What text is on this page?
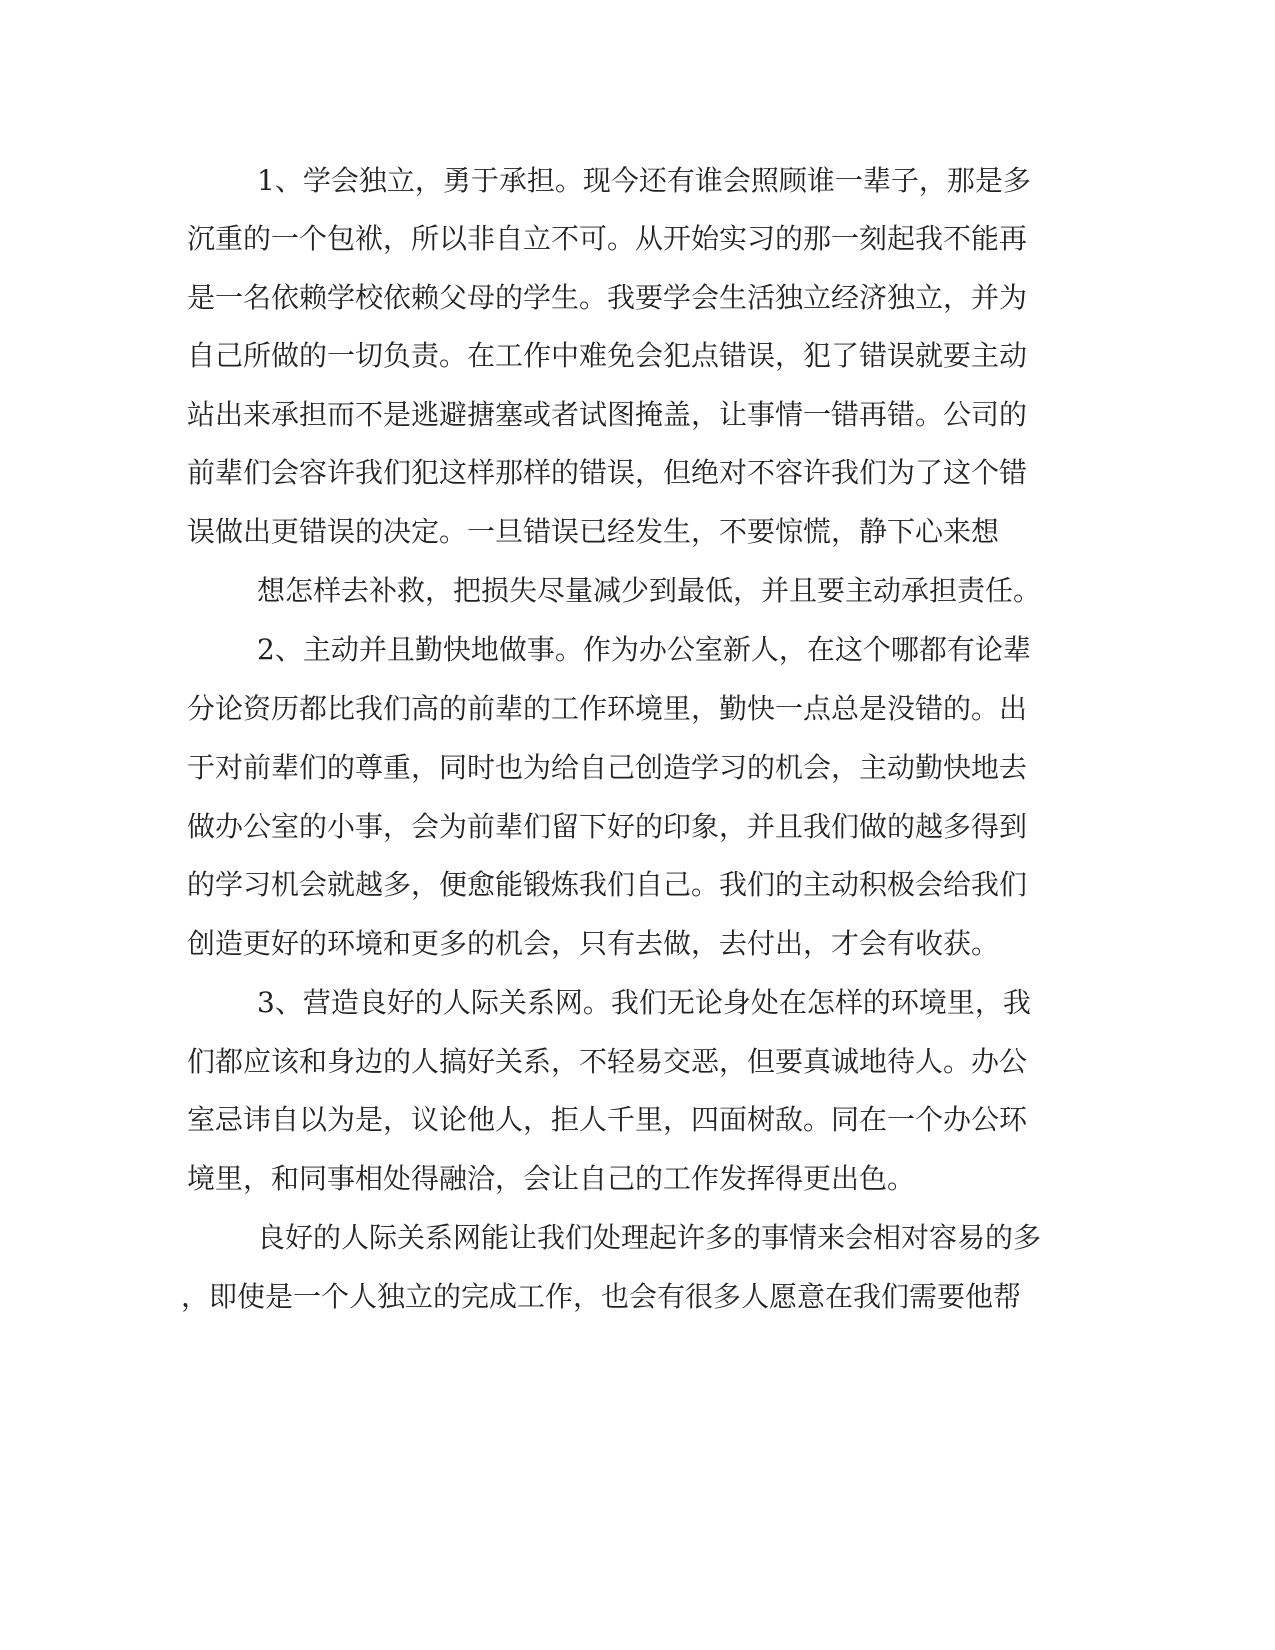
1、学会独立，勇于承担。现今还有谁会照顾谁一辈子，那是多
沉重的一个包袱，所以非自立不可。从开始实习的那一刻起我不能再
是一名依赖学校依赖父母的学生。我要学会生活独立经济独立，并为
自己所做的一切负责。在工作中难免会犯点错误，犯了错误就要主动
站出来承担而不是逃避搪塞或者试图掩盖，让事情一错再错。公司的
前辈们会容许我们犯这样那样的错误，但绝对不容许我们为了这个错
误做出更错误的决定。一旦错误已经发生，不要惊慌，静下心来想
想怎样去补救，把损失尽量减少到最低，并且要主动承担责任。
2、主动并且勤快地做事。作为办公室新人，在这个哪都有论辈
分论资历都比我们高的前辈的工作环境里，勤快一点总是没错的。出
于对前辈们的尊重，同时也为给自己创造学习的机会，主动勤快地去
做办公室的小事，会为前辈们留下好的印象，并且我们做的越多得到
的学习机会就越多，便愈能锻炼我们自己。我们的主动积极会给我们
创造更好的环境和更多的机会，只有去做，去付出，才会有收获。
3、营造良好的人际关系网。我们无论身处在怎样的环境里，我
们都应该和身边的人搞好关系，不轻易交恶，但要真诚地待人。办公
室忌讳自以为是，议论他人，拒人千里，四面树敌。同在一个办公环
境里，和同事相处得融洽，会让自己的工作发挥得更出色。
良好的人际关系网能让我们处理起许多的事情来会相对容易的多
，即使是一个人独立的完成工作，也会有很多人愿意在我们需要他帮
